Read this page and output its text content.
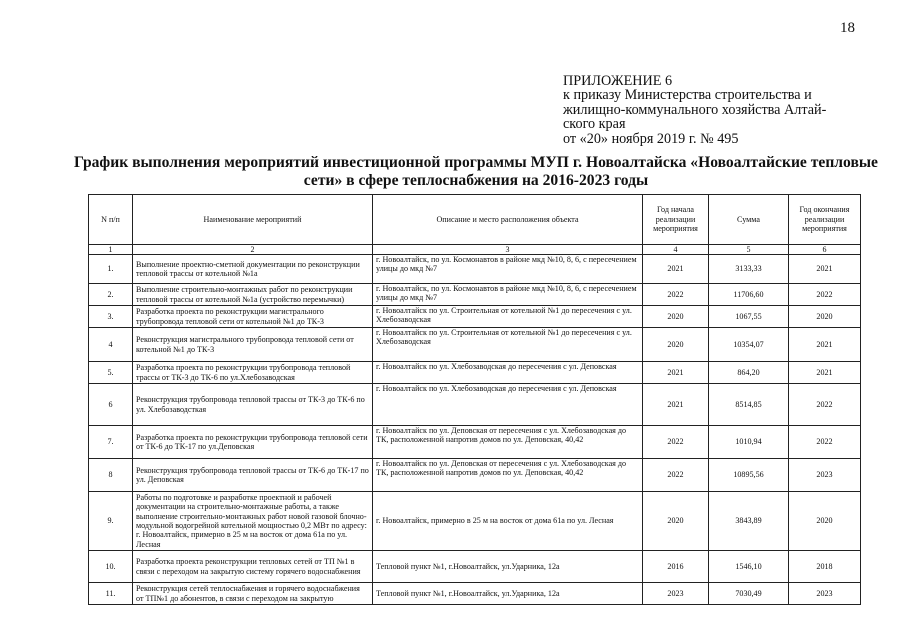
18
ПРИЛОЖЕНИЕ 6
к приказу Министерства строительства и
жилищно-коммунального хозяйства Алтай-
ского края
от «20» ноября 2019 г. № 495
График выполнения мероприятий инвестиционной программы МУП г. Новоалтайска «Новоалтайские тепловые
сети» в сфере теплоснабжения на 2016-2023 годы
N п/п	Наименование мероприятий	Описание и место расположения объекта	Год начала реализации мероприятия	Сумма	Год окончания реализации мероприятия
1	2	3	4	5	6
1.	Выполнение проектно-сметной документации по реконструкции тепловой трассы от котельной №1а	г. Новоалтайск, по ул. Космонавтов в районе мкд №10, 8, 6, с пересечением улицы до мкд №7	2021	3133,33	2021
2.	Выполнение строительно-монтажных работ по реконструкции тепловой трассы от котельной №1а (устройство перемычки)	г. Новоалтайск, по ул. Космонавтов в районе мкд №10, 8, 6, с пересечением улицы до мкд №7	2022	11706,60	2022
3.	Разработка проекта по реконструкции магистрального трубопровода тепловой сети от котельной №1 до ТК-3	г. Новоалтайск по ул. Строительная от котельной №1 до пересечения с ул. Хлебозаводская	2020	1067,55	2020
4	Реконструкция магистрального трубопровода тепловой сети от котельной №1 до ТК-3	г. Новоалтайск по ул. Строительная от котельной №1 до пересечения с ул. Хлебозаводская	2020	10354,07	2021
5.	Разработка проекта по реконструкции трубопровода тепловой трассы от ТК-3 до ТК-6 по ул.Хлебозаводская	г. Новоалтайск по ул. Хлебозаводская до пересечения с ул. Деповская	2021	864,20	2021
6	Реконструкция трубопровода тепловой трассы от ТК-3 до ТК-6 по ул. Хлебозаводсткая	г. Новоалтайск по ул. Хлебозаводская до пересечения с ул. Деповская	2021	8514,85	2022
7.	Разработка проекта по реконструкции трубопровода тепловой сети от ТК-6 до ТК-17 по ул.Деповская	г. Новоалтайск по ул. Деповская от пересечения с ул. Хлебозаводская до ТК, расположенной напротив домов по ул. Деповская, 40,42	2022	1010,94	2022
8	Реконструкция трубопровода тепловой трассы от ТК-6 до ТК-17 по ул. Деповская	г. Новоалтайск по ул. Деповская от пересечения с ул. Хлебозаводская до ТК, расположенной напротив домов по ул. Деповская, 40,42	2022	10895,56	2023
9.	Работы по подготовке и разработке проектной и рабочей документации на строительно-монтажные работы, а также выполнение строительно-монтажных работ новой газовой блочно-модульной водогрейной котельной мощностью 0,2 МВт по адресу: г. Новоалтайск, примерно в 25 м на восток от дома 61а по ул. Лесная	г. Новоалтайск, примерно в 25 м на восток от дома 61а по ул. Лесная	2020	3843,89	2020
10.	Разработка проекта реконструкции тепловых сетей от ТП №1 в связи с переходом на закрытую систему горячего водоснабжения	Тепловой пункт №1, г.Новоалтайск, ул.Ударника, 12а	2016	1546,10	2018
11.	Реконструкция сетей теплоснабжения и горячего водоснабжения от ТП№1 до абонентов, в связи с переходом на закрытую	Тепловой пункт №1, г.Новоалтайск, ул.Ударника, 12а	2023	7030,49	2023
